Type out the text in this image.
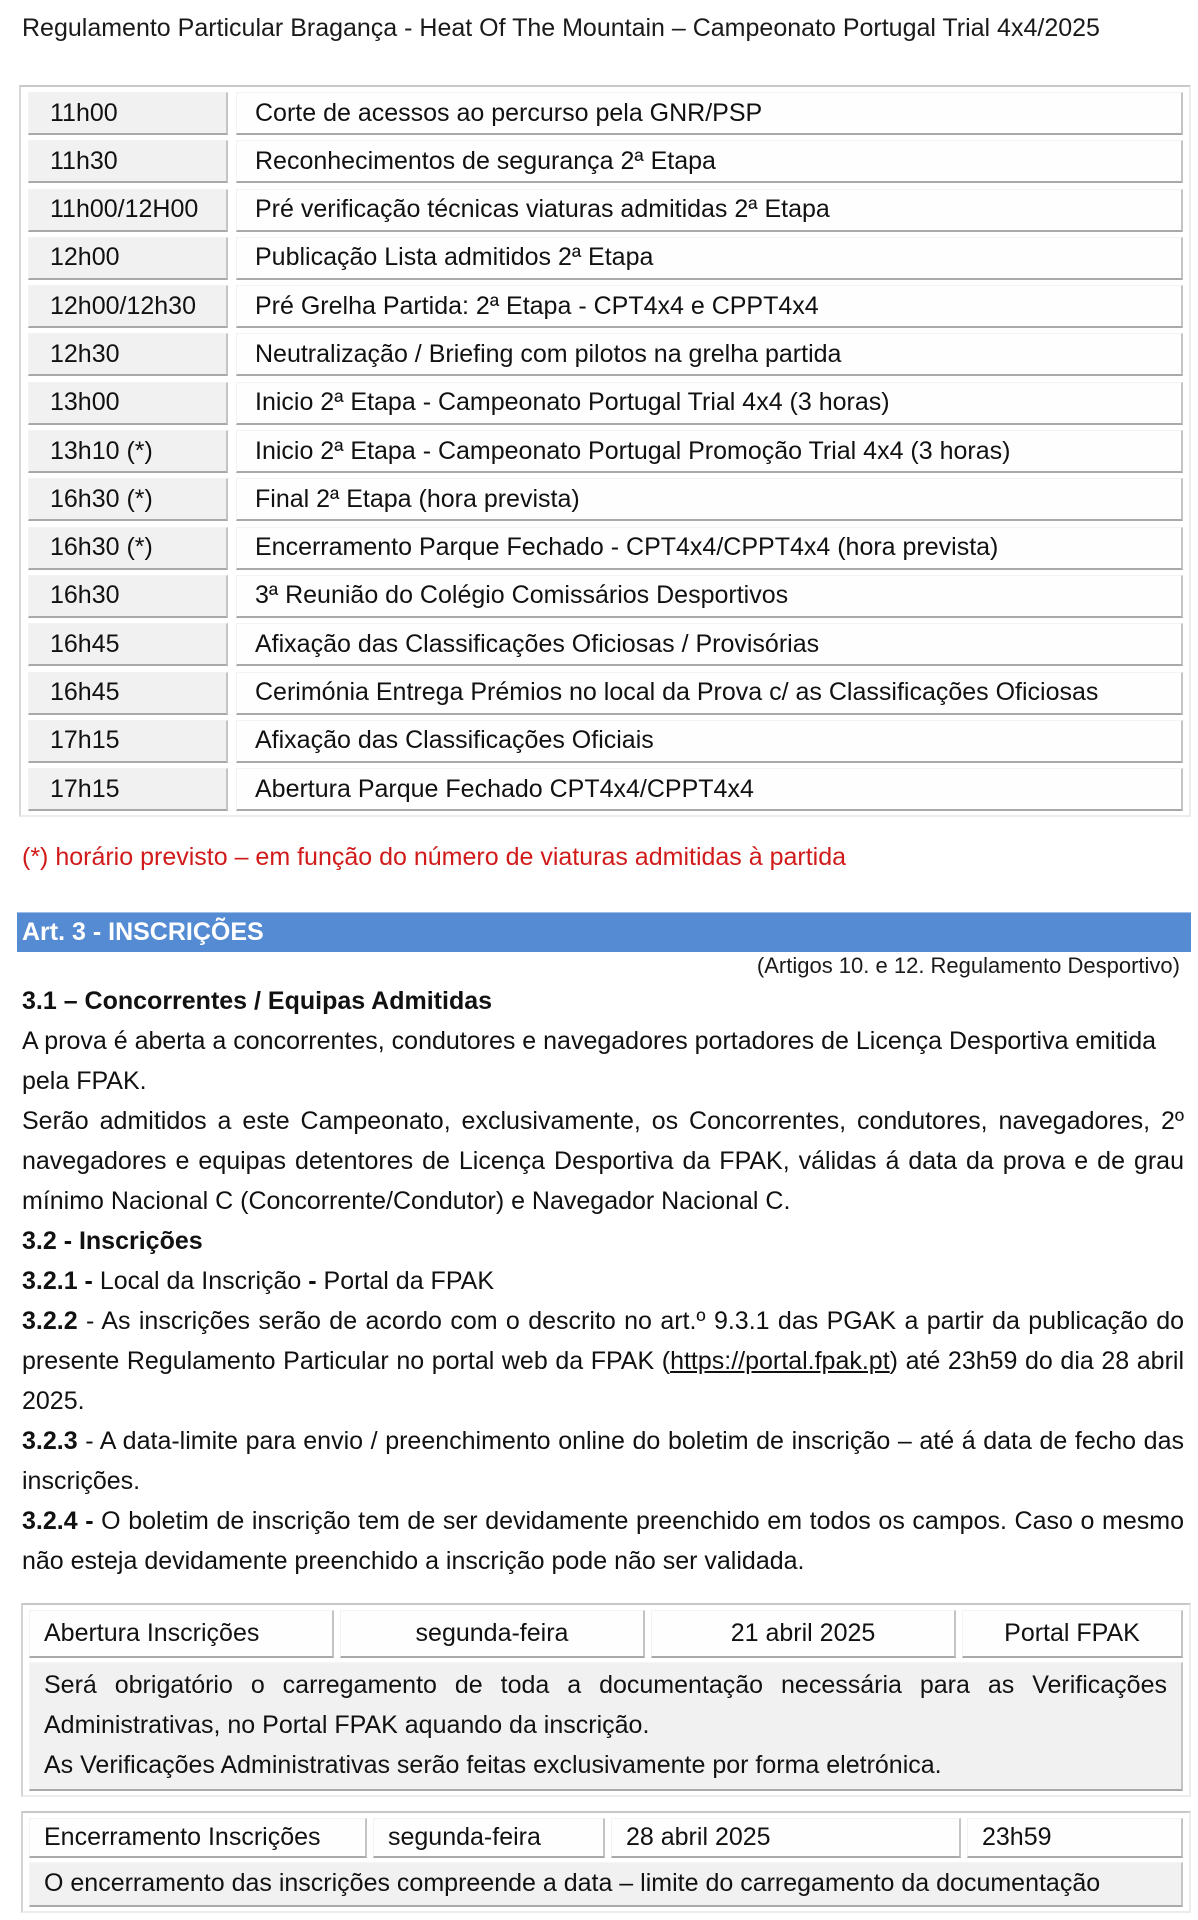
Regulamento Particular Bragança - Heat Of The Mountain – Campeonato Portugal Trial 4x4/2025
11h00	Corte de acessos ao percurso pela GNR/PSP
11h30	Reconhecimentos de segurança 2ª Etapa
11h00/12H00	Pré verificação técnicas viaturas admitidas 2ª Etapa
12h00	Publicação Lista admitidos 2ª Etapa
12h00/12h30	Pré Grelha Partida: 2ª Etapa - CPT4x4 e CPPT4x4
12h30	Neutralização / Briefing com pilotos na grelha partida
13h00	Inicio 2ª Etapa - Campeonato Portugal Trial 4x4 (3 horas)
13h10 (*)	Inicio 2ª Etapa - Campeonato Portugal Promoção Trial 4x4 (3 horas)
16h30 (*)	Final 2ª Etapa (hora prevista)
16h30 (*)	Encerramento Parque Fechado - CPT4x4/CPPT4x4 (hora prevista)
16h30	3ª Reunião do Colégio Comissários Desportivos
16h45	Afixação das Classificações Oficiosas / Provisórias
16h45	Cerimónia Entrega Prémios no local da Prova c/ as Classificações Oficiosas
17h15	Afixação das Classificações Oficiais
17h15	Abertura Parque Fechado CPT4x4/CPPT4x4
(*) horário previsto – em função do número de viaturas admitidas à partida
Art. 3 - INSCRIÇÕES
(Artigos 10. e 12. Regulamento Desportivo)
3.1 – Concorrentes / Equipas Admitidas
A prova é aberta a concorrentes, condutores e navegadores portadores de Licença Desportiva emitida pela FPAK.
Serão admitidos a este Campeonato, exclusivamente, os Concorrentes, condutores, navegadores, 2º navegadores e equipas detentores de Licença Desportiva da FPAK, válidas á data da prova e de grau mínimo Nacional C (Concorrente/Condutor) e Navegador Nacional C.
3.2 - Inscrições
3.2.1 - Local da Inscrição - Portal da FPAK
3.2.2 - As inscrições serão de acordo com o descrito no art.º 9.3.1 das PGAK a partir da publicação do presente Regulamento Particular no portal web da FPAK (https://portal.fpak.pt) até 23h59 do dia 28 abril 2025.
3.2.3 - A data-limite para envio / preenchimento online do boletim de inscrição – até á data de fecho das inscrições.
3.2.4 - O boletim de inscrição tem de ser devidamente preenchido em todos os campos. Caso o mesmo não esteja devidamente preenchido a inscrição pode não ser validada.
Abertura Inscrições	segunda-feira	21 abril 2025	Portal FPAK
Será obrigatório o carregamento de toda a documentação necessária para as Verificações Administrativas, no Portal FPAK aquando da inscrição.
As Verificações Administrativas serão feitas exclusivamente por forma eletrónica.
Encerramento Inscrições	segunda-feira	28 abril 2025	23h59
O encerramento das inscrições compreende a data – limite do carregamento da documentação
